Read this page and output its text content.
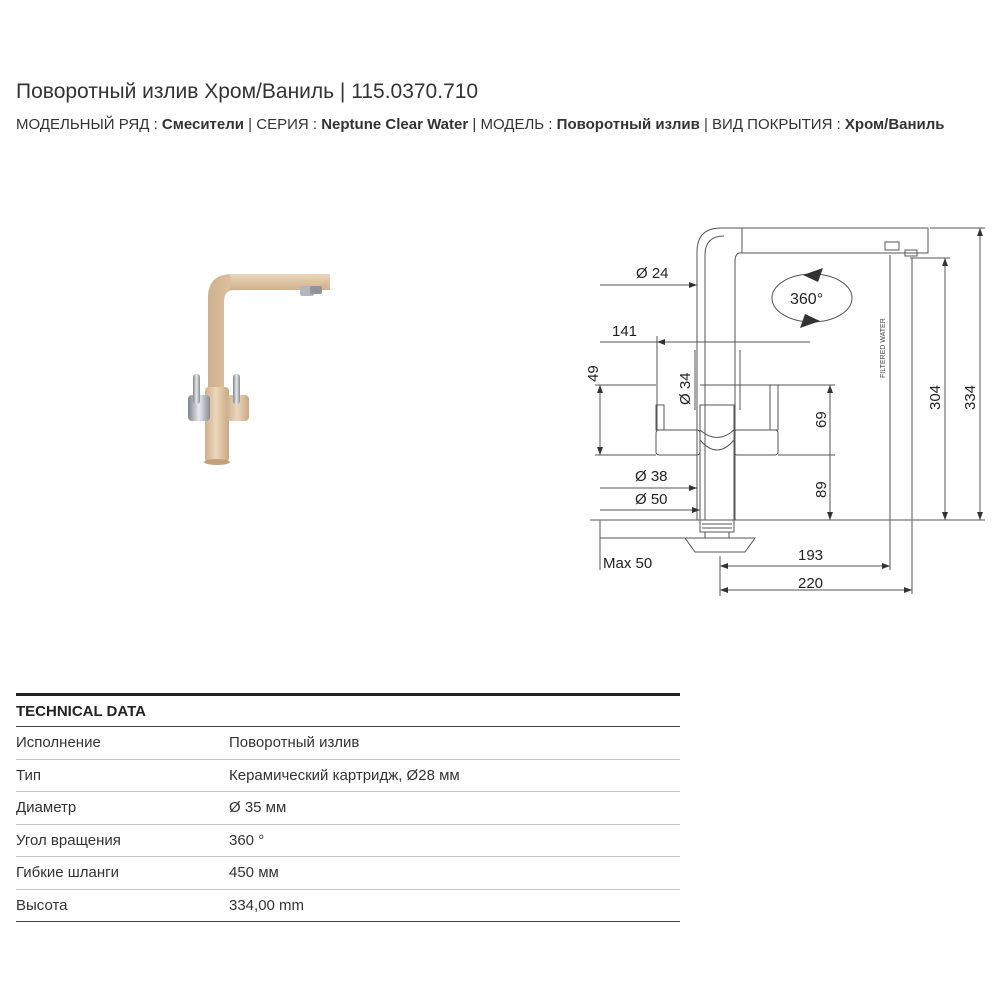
Поворотный излив Хром/Ваниль | 115.0370.710
МОДЕЛЬНЫЙ РЯД : Смесители | СЕРИЯ : Neptune Clear Water | МОДЕЛЬ : Поворотный излив | ВИД ПОКРЫТИЯ : Хром/Ваниль
Ø 24
141
49	Ø 34
69
Ø 38
89
Ø 50
Max 50	193
220
304 334
360°
FILTERED WATER
TECHNICAL DATA
Исполнение	Поворотный излив
Тип	Керамический картридж, Ø28 мм
Диаметр	Ø 35 мм
Угол вращения	360 °
Гибкие шланги	450 мм
Высота	334,00 mm
